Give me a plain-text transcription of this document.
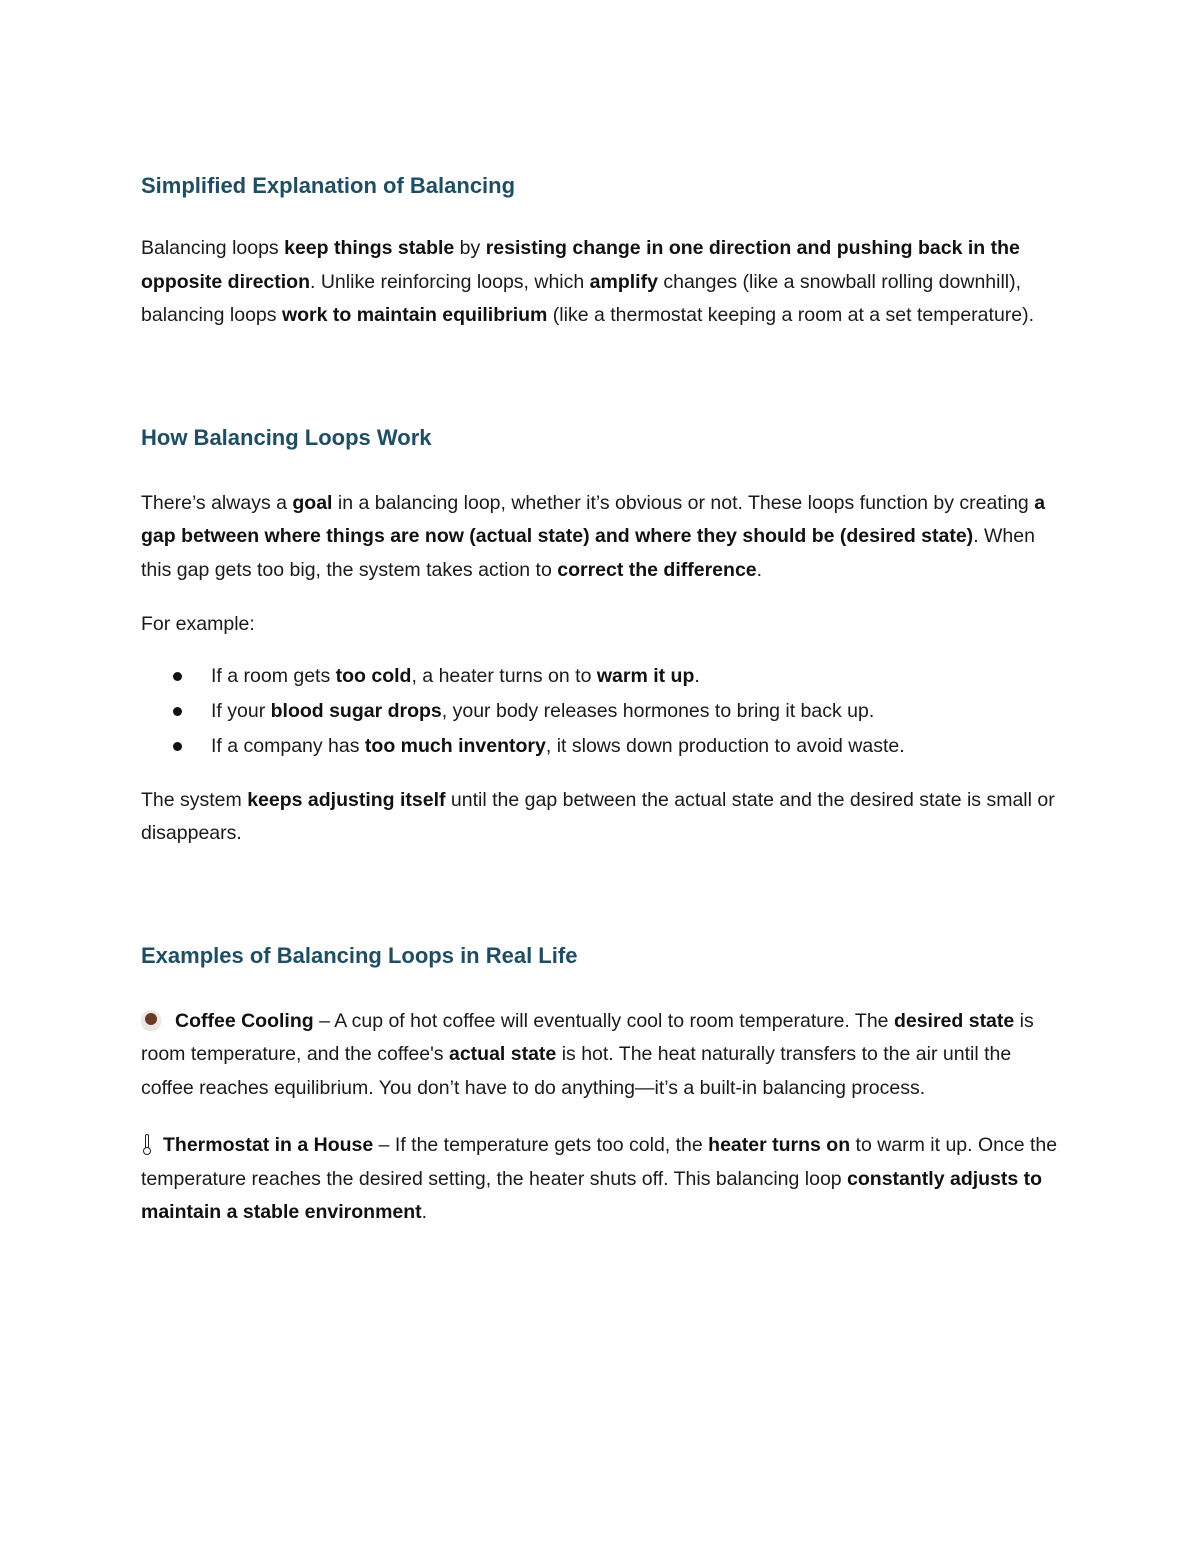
Simplified Explanation of Balancing

Balancing loops keep things stable by resisting change in one direction and pushing back in the opposite direction. Unlike reinforcing loops, which amplify changes (like a snowball rolling downhill), balancing loops work to maintain equilibrium (like a thermostat keeping a room at a set temperature).

How Balancing Loops Work

There’s always a goal in a balancing loop, whether it’s obvious or not. These loops function by creating a gap between where things are now (actual state) and where they should be (desired state). When this gap gets too big, the system takes action to correct the difference.

For example:

If a room gets too cold, a heater turns on to warm it up.
If your blood sugar drops, your body releases hormones to bring it back up.
If a company has too much inventory, it slows down production to avoid waste.

The system keeps adjusting itself until the gap between the actual state and the desired state is small or disappears.

Examples of Balancing Loops in Real Life

Coffee Cooling – A cup of hot coffee will eventually cool to room temperature. The desired state is room temperature, and the coffee's actual state is hot. The heat naturally transfers to the air until the coffee reaches equilibrium. You don’t have to do anything—it’s a built-in balancing process.

Thermostat in a House – If the temperature gets too cold, the heater turns on to warm it up. Once the temperature reaches the desired setting, the heater shuts off. This balancing loop constantly adjusts to maintain a stable environment.
